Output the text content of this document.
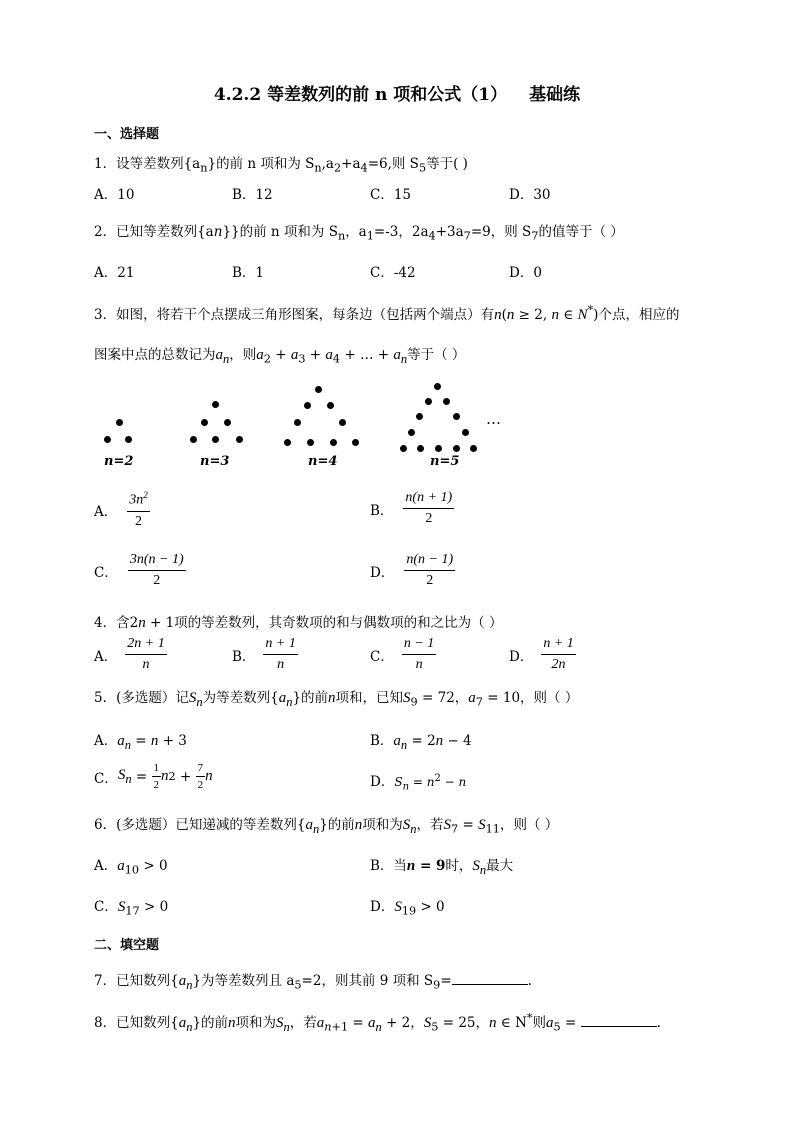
4.2.2 等差数列的前 n 项和公式（1） 基础练
一、选择题
1．设等差数列$\{a_n\}$的前 n 项和为 $S_n,a_2+a_4=6$,则 $S_5$等于( )
A．10	B．12	C．15	D．30
2．已知等差数列{an}}的前 n 项和为 $S_n$，$a_1=-3$，$2a_4+3a_7=9$，则 $S_7$的值等于（ ）
A．21	B．1	C．-42	D．0
3．如图，将若干个点摆成三角形图案，每条边（包括两个端点）有n(n ≥ 2, n ∈ N*)个点，相应的
图案中点的总数记为$a_n$，则$a_2 + a_3 + a_4$ + … + $a_n$等于（ ）
n=2	n=3	n=4	n=5
…
A． $\frac{3n^2}{2}$	B． $\frac{n(n + 1)}{2}$
C． $\frac{3n(n - 1)}{2}$	D． $\frac{n(n - 1)}{2}$
4．含2n + 1项的等差数列，其奇数项的和与偶数项的和之比为（ ）
A． $\frac{2n + 1}{n}$	B． $\frac{n + 1}{n}$	C． $\frac{n - 1}{n}$	D． $\frac{n + 1}{2n}$
5．(多选题）记$S_n$为等差数列$\{a_n\}$的前n项和，已知$S_9 = 72$，$a_7 = 10$，则（ ）
A．$a_n = n + 3$	B．$a_n = 2n - 4$
C． $S_n = \frac{1}{2}$ n $2 + \frac{7}{2}$ n	D．$S_n = n^2 - n$
6．(多选题）已知递减的等差数列$\{a_n\}$的前n项和为$S_n$，若$S_7 = S_{11}$，则（ ）
A．$a_{10} > 0$	B．当n = 9时，$S_n$最大
C．$S_{17} > 0$	D．$S_{19} > 0$
二、填空题
7．已知数列$\{a_n\}$为等差数列且 $a_5=2$，则其前 9 项和 $S_9=$	.
8．已知数列$\{a_n\}$的前n项和为$S_n$，若$a_{n+1} = a_n + 2$，$S_5 = 25$，n ∈ N*则$a_5$ =	.
